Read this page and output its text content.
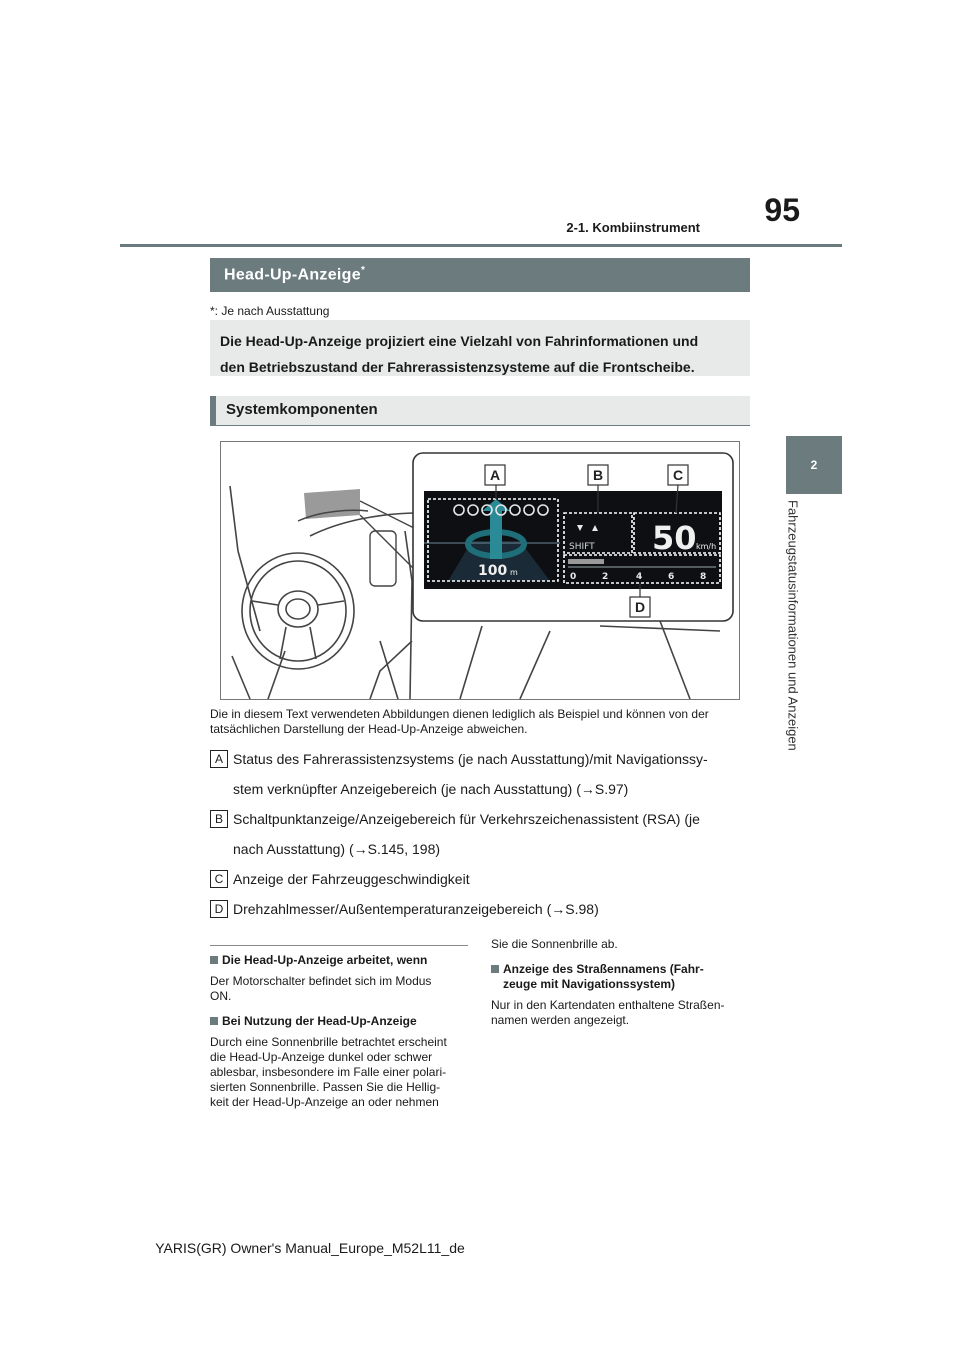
95
2-1. Kombiinstrument
2
Fahrzeugstatusinformationen und Anzeigen
Head-Up-Anzeige*
*: Je nach Ausstattung
Die Head-Up-Anzeige projiziert eine Vielzahl von Fahrinformationen und
den Betriebszustand der Fahrerassistenzsysteme auf die Frontscheibe.
Systemkomponenten
100 m
SHIFT 50 km/h
0	2	4	6	8
A	B	C
D
Die in diesem Text verwendeten Abbildungen dienen lediglich als Beispiel und können von der
tatsächlichen Darstellung der Head-Up-Anzeige abweichen.
A Status des Fahrerassistenzsystems (je nach Ausstattung)/mit Navigationssy-
stem verknüpfter Anzeigebereich (je nach Ausstattung) (→S.97)
B Schaltpunktanzeige/Anzeigebereich für Verkehrszeichenassistent (RSA) (je
nach Ausstattung) (→S.145, 198)
C Anzeige der Fahrzeuggeschwindigkeit
D Drehzahlmesser/Außentemperaturanzeigebereich (→S.98)
Die Head-Up-Anzeige arbeitet, wenn

Der Motorschalter befindet sich im Modus
ON.

Bei Nutzung der Head-Up-Anzeige

Durch eine Sonnenbrille betrachtet erscheint
die Head-Up-Anzeige dunkel oder schwer
ablesbar, insbesondere im Falle einer polari-
sierten Sonnenbrille. Passen Sie die Hellig-
keit der Head-Up-Anzeige an oder nehmen

Sie die Sonnenbrille ab.

Anzeige des Straßennamens (Fahr-
zeuge mit Navigationssystem)

Nur in den Kartendaten enthaltene Straßen-
namen werden angezeigt.

YARIS(GR) Owner's Manual_Europe_M52L11_de
